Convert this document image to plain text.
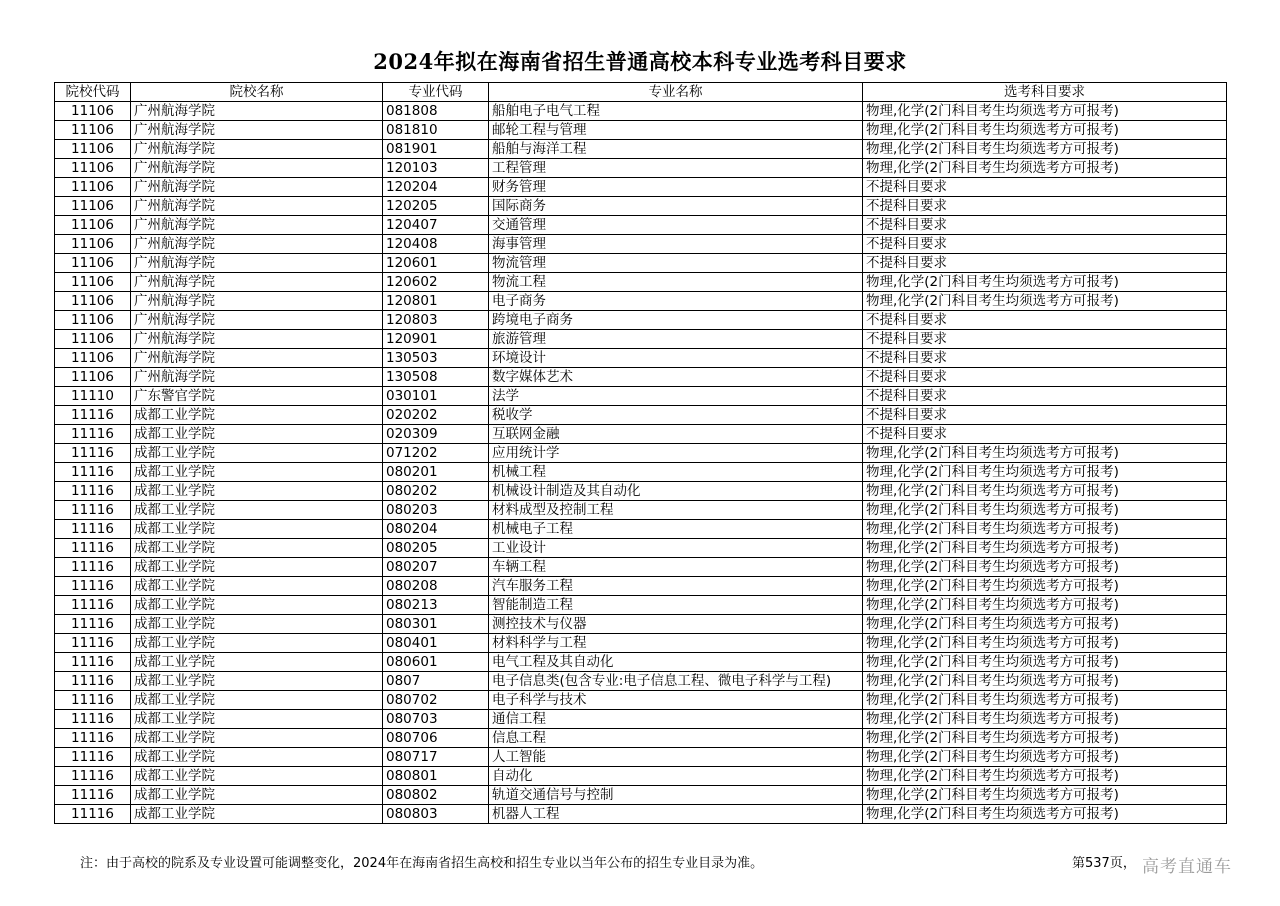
2024年拟在海南省招生普通高校本科专业选考科目要求
院校代码	院校名称	专业代码	专业名称	选考科目要求
11106	广州航海学院	081808	船舶电子电气工程	物理,化学(2门科目考生均须选考方可报考)
11106	广州航海学院	081810	邮轮工程与管理	物理,化学(2门科目考生均须选考方可报考)
11106	广州航海学院	081901	船舶与海洋工程	物理,化学(2门科目考生均须选考方可报考)
11106	广州航海学院	120103	工程管理	物理,化学(2门科目考生均须选考方可报考)
11106	广州航海学院	120204	财务管理	不提科目要求
11106	广州航海学院	120205	国际商务	不提科目要求
11106	广州航海学院	120407	交通管理	不提科目要求
11106	广州航海学院	120408	海事管理	不提科目要求
11106	广州航海学院	120601	物流管理	不提科目要求
11106	广州航海学院	120602	物流工程	物理,化学(2门科目考生均须选考方可报考)
11106	广州航海学院	120801	电子商务	物理,化学(2门科目考生均须选考方可报考)
11106	广州航海学院	120803	跨境电子商务	不提科目要求
11106	广州航海学院	120901	旅游管理	不提科目要求
11106	广州航海学院	130503	环境设计	不提科目要求
11106	广州航海学院	130508	数字媒体艺术	不提科目要求
11110	广东警官学院	030101	法学	不提科目要求
11116	成都工业学院	020202	税收学	不提科目要求
11116	成都工业学院	020309	互联网金融	不提科目要求
11116	成都工业学院	071202	应用统计学	物理,化学(2门科目考生均须选考方可报考)
11116	成都工业学院	080201	机械工程	物理,化学(2门科目考生均须选考方可报考)
11116	成都工业学院	080202	机械设计制造及其自动化	物理,化学(2门科目考生均须选考方可报考)
11116	成都工业学院	080203	材料成型及控制工程	物理,化学(2门科目考生均须选考方可报考)
11116	成都工业学院	080204	机械电子工程	物理,化学(2门科目考生均须选考方可报考)
11116	成都工业学院	080205	工业设计	物理,化学(2门科目考生均须选考方可报考)
11116	成都工业学院	080207	车辆工程	物理,化学(2门科目考生均须选考方可报考)
11116	成都工业学院	080208	汽车服务工程	物理,化学(2门科目考生均须选考方可报考)
11116	成都工业学院	080213	智能制造工程	物理,化学(2门科目考生均须选考方可报考)
11116	成都工业学院	080301	测控技术与仪器	物理,化学(2门科目考生均须选考方可报考)
11116	成都工业学院	080401	材料科学与工程	物理,化学(2门科目考生均须选考方可报考)
11116	成都工业学院	080601	电气工程及其自动化	物理,化学(2门科目考生均须选考方可报考)
11116	成都工业学院	0807	电子信息类(包含专业:电子信息工程、微电子科学与工程)	物理,化学(2门科目考生均须选考方可报考)
11116	成都工业学院	080702	电子科学与技术	物理,化学(2门科目考生均须选考方可报考)
11116	成都工业学院	080703	通信工程	物理,化学(2门科目考生均须选考方可报考)
11116	成都工业学院	080706	信息工程	物理,化学(2门科目考生均须选考方可报考)
11116	成都工业学院	080717	人工智能	物理,化学(2门科目考生均须选考方可报考)
11116	成都工业学院	080801	自动化	物理,化学(2门科目考生均须选考方可报考)
11116	成都工业学院	080802	轨道交通信号与控制	物理,化学(2门科目考生均须选考方可报考)
11116	成都工业学院	080803	机器人工程	物理,化学(2门科目考生均须选考方可报考)
注：由于高校的院系及专业设置可能调整变化，2024年在海南省招生高校和招生专业以当年公布的招生专业目录为准。	第537页， 高考直通车
